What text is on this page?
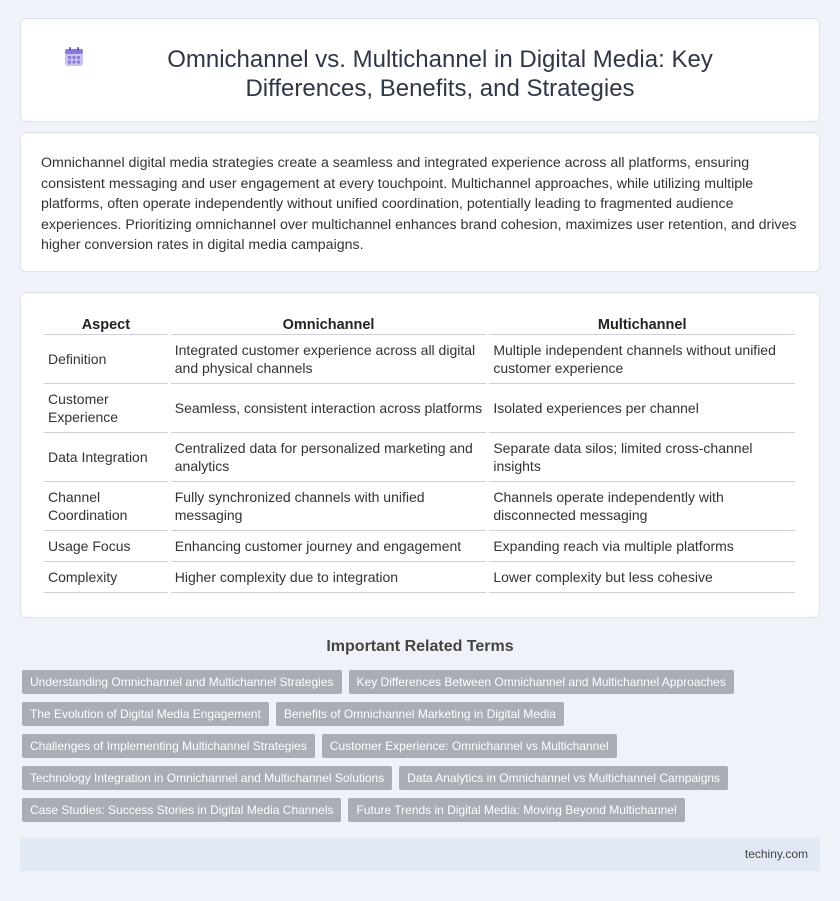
Omnichannel vs. Multichannel in Digital Media: Key Differences, Benefits, and Strategies

Omnichannel digital media strategies create a seamless and integrated experience across all platforms, ensuring consistent messaging and user engagement at every touchpoint. Multichannel approaches, while utilizing multiple platforms, often operate independently without unified coordination, potentially leading to fragmented audience experiences. Prioritizing omnichannel over multichannel enhances brand cohesion, maximizes user retention, and drives higher conversion rates in digital media campaigns.

Aspect	Omnichannel	Multichannel
Definition	Integrated customer experience across all digital and physical channels	Multiple independent channels without unified customer experience
Customer Experience	Seamless, consistent interaction across platforms	Isolated experiences per channel
Data Integration	Centralized data for personalized marketing and analytics	Separate data silos; limited cross-channel insights
Channel Coordination	Fully synchronized channels with unified messaging	Channels operate independently with disconnected messaging
Usage Focus	Enhancing customer journey and engagement	Expanding reach via multiple platforms
Complexity	Higher complexity due to integration	Lower complexity but less cohesive
Important Related Terms
Understanding Omnichannel and Multichannel Strategies	Key Differences Between Omnichannel and Multichannel Approaches
The Evolution of Digital Media Engagement	Benefits of Omnichannel Marketing in Digital Media
Challenges of Implementing Multichannel Strategies	Customer Experience: Omnichannel vs Multichannel
Technology Integration in Omnichannel and Multichannel Solutions	Data Analytics in Omnichannel vs Multichannel Campaigns
Case Studies: Success Stories in Digital Media Channels	Future Trends in Digital Media: Moving Beyond Multichannel
techiny.com
